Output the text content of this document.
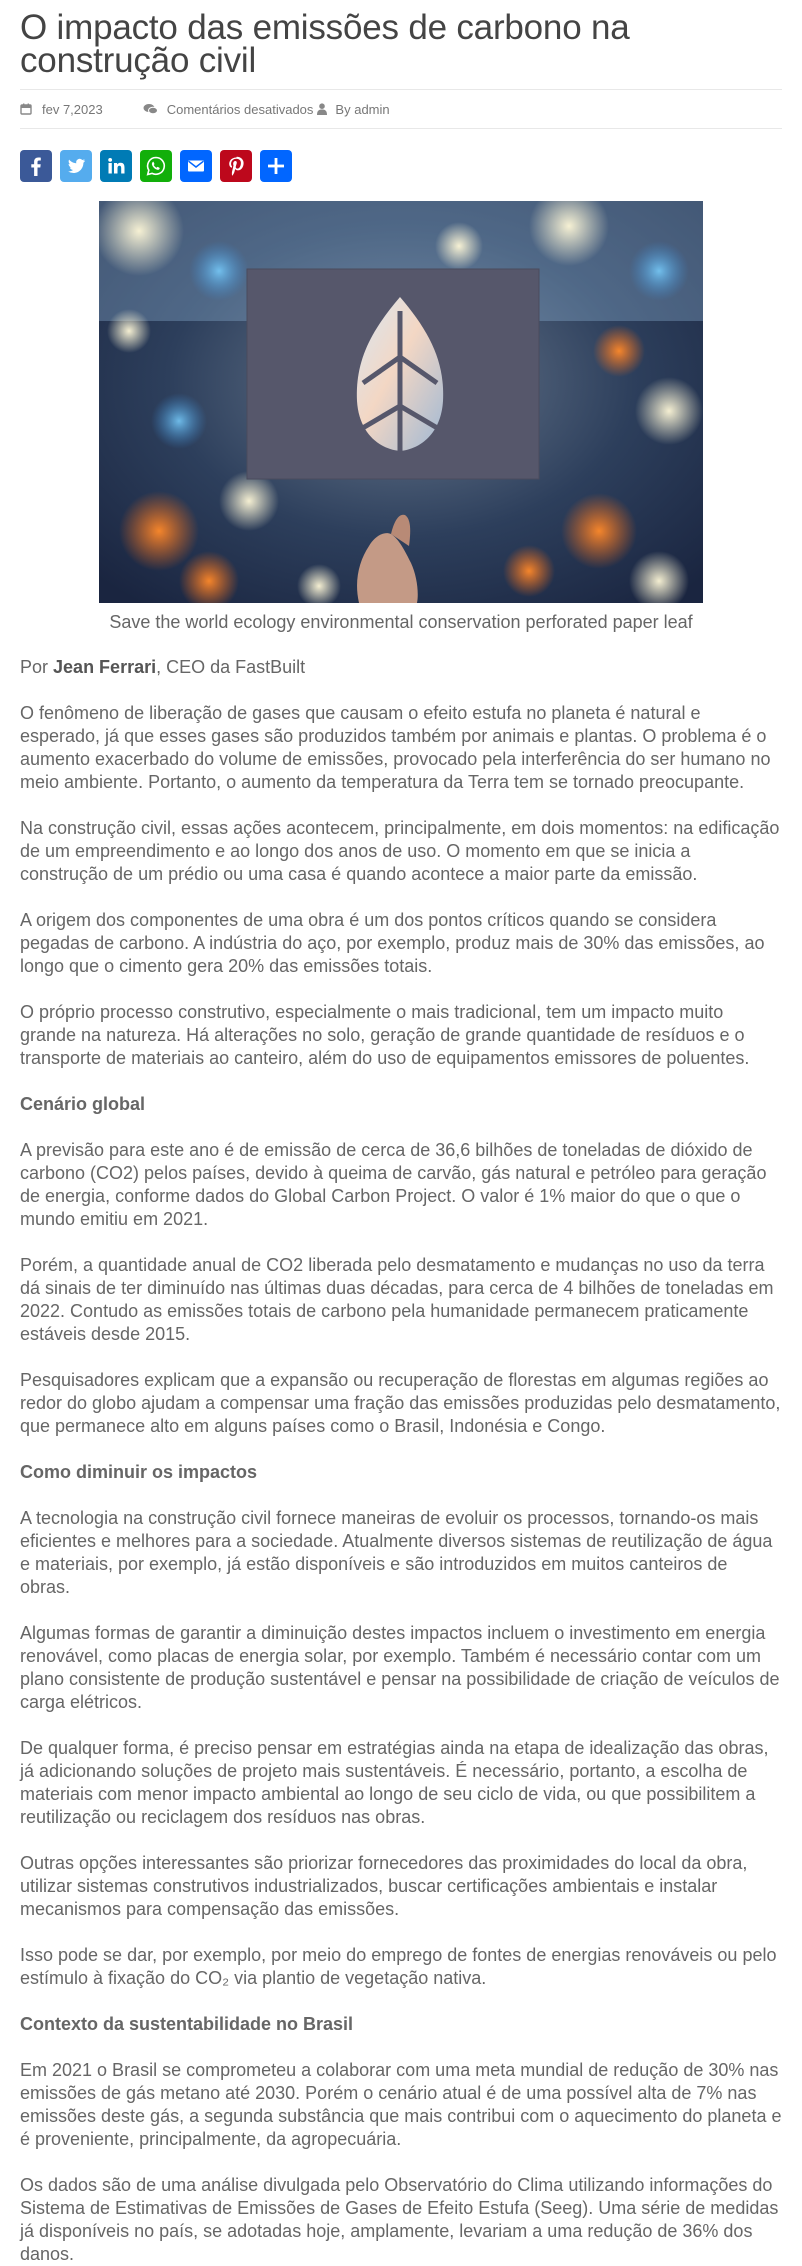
O impacto das emissões de carbono na construção civil
fev 7,2023	Comentários desativados By
admin

Save the world ecology environmental conservation perforated paper leaf

Por Jean Ferrari, CEO da FastBuilt

O fenômeno de liberação de gases que causam o efeito estufa no planeta é natural e esperado, já que esses gases são produzidos também por animais e plantas. O problema é o aumento exacerbado do volume de emissões, provocado pela interferência do ser humano no meio ambiente. Portanto, o aumento da temperatura da Terra tem se tornado preocupante.

Na construção civil, essas ações acontecem, principalmente, em dois momentos: na edificação de um empreendimento e ao longo dos anos de uso. O momento em que se inicia a construção de um prédio ou uma casa é quando acontece a maior parte da emissão.

A origem dos componentes de uma obra é um dos pontos críticos quando se considera pegadas de carbono. A indústria do aço, por exemplo, produz mais de 30% das emissões, ao longo que o cimento gera 20% das emissões totais.

O próprio processo construtivo, especialmente o mais tradicional, tem um impacto muito grande na natureza. Há alterações no solo, geração de grande quantidade de resíduos e o transporte de materiais ao canteiro, além do uso de equipamentos emissores de poluentes.

Cenário global

A previsão para este ano é de emissão de cerca de 36,6 bilhões de toneladas de dióxido de carbono (CO2) pelos países, devido à queima de carvão, gás natural e petróleo para geração de energia, conforme dados do Global Carbon Project. O valor é 1% maior do que o que o mundo emitiu em 2021.

Porém, a quantidade anual de CO2 liberada pelo desmatamento e mudanças no uso da terra dá sinais de ter diminuído nas últimas duas décadas, para cerca de 4 bilhões de toneladas em 2022. Contudo as emissões totais de carbono pela humanidade permanecem praticamente estáveis desde 2015.

Pesquisadores explicam que a expansão ou recuperação de florestas em algumas regiões ao redor do globo ajudam a compensar uma fração das emissões produzidas pelo desmatamento, que permanece alto em alguns países como o Brasil, Indonésia e Congo.

Como diminuir os impactos

A tecnologia na construção civil fornece maneiras de evoluir os processos, tornando-os mais eficientes e melhores para a sociedade. Atualmente diversos sistemas de reutilização de água e materiais, por exemplo, já estão disponíveis e são introduzidos em muitos canteiros de obras.

Algumas formas de garantir a diminuição destes impactos incluem o investimento em energia renovável, como placas de energia solar, por exemplo. Também é necessário contar com um plano consistente de produção sustentável e pensar na possibilidade de criação de veículos de carga elétricos.

De qualquer forma, é preciso pensar em estratégias ainda na etapa de idealização das obras, já adicionando soluções de projeto mais sustentáveis. É necessário, portanto, a escolha de materiais com menor impacto ambiental ao longo de seu ciclo de vida, ou que possibilitem a reutilização ou reciclagem dos resíduos nas obras.

Outras opções interessantes são priorizar fornecedores das proximidades do local da obra, utilizar sistemas construtivos industrializados, buscar certificações ambientais e instalar mecanismos para compensação das emissões.

Isso pode se dar, por exemplo, por meio do emprego de fontes de energias renováveis ou pelo estímulo à fixação do CO₂ via plantio de vegetação nativa.

Contexto da sustentabilidade no Brasil

Em 2021 o Brasil se comprometeu a colaborar com uma meta mundial de redução de 30% nas emissões de gás metano até 2030. Porém o cenário atual é de uma possível alta de 7% nas emissões deste gás, a segunda substância que mais contribui com o aquecimento do planeta e é proveniente, principalmente, da agropecuária.

Os dados são de uma análise divulgada pelo Observatório do Clima utilizando informações do Sistema de Estimativas de Emissões de Gases de Efeito Estufa (Seeg). Uma série de medidas já disponíveis no país, se adotadas hoje, amplamente, levariam a uma redução de 36% dos danos.
